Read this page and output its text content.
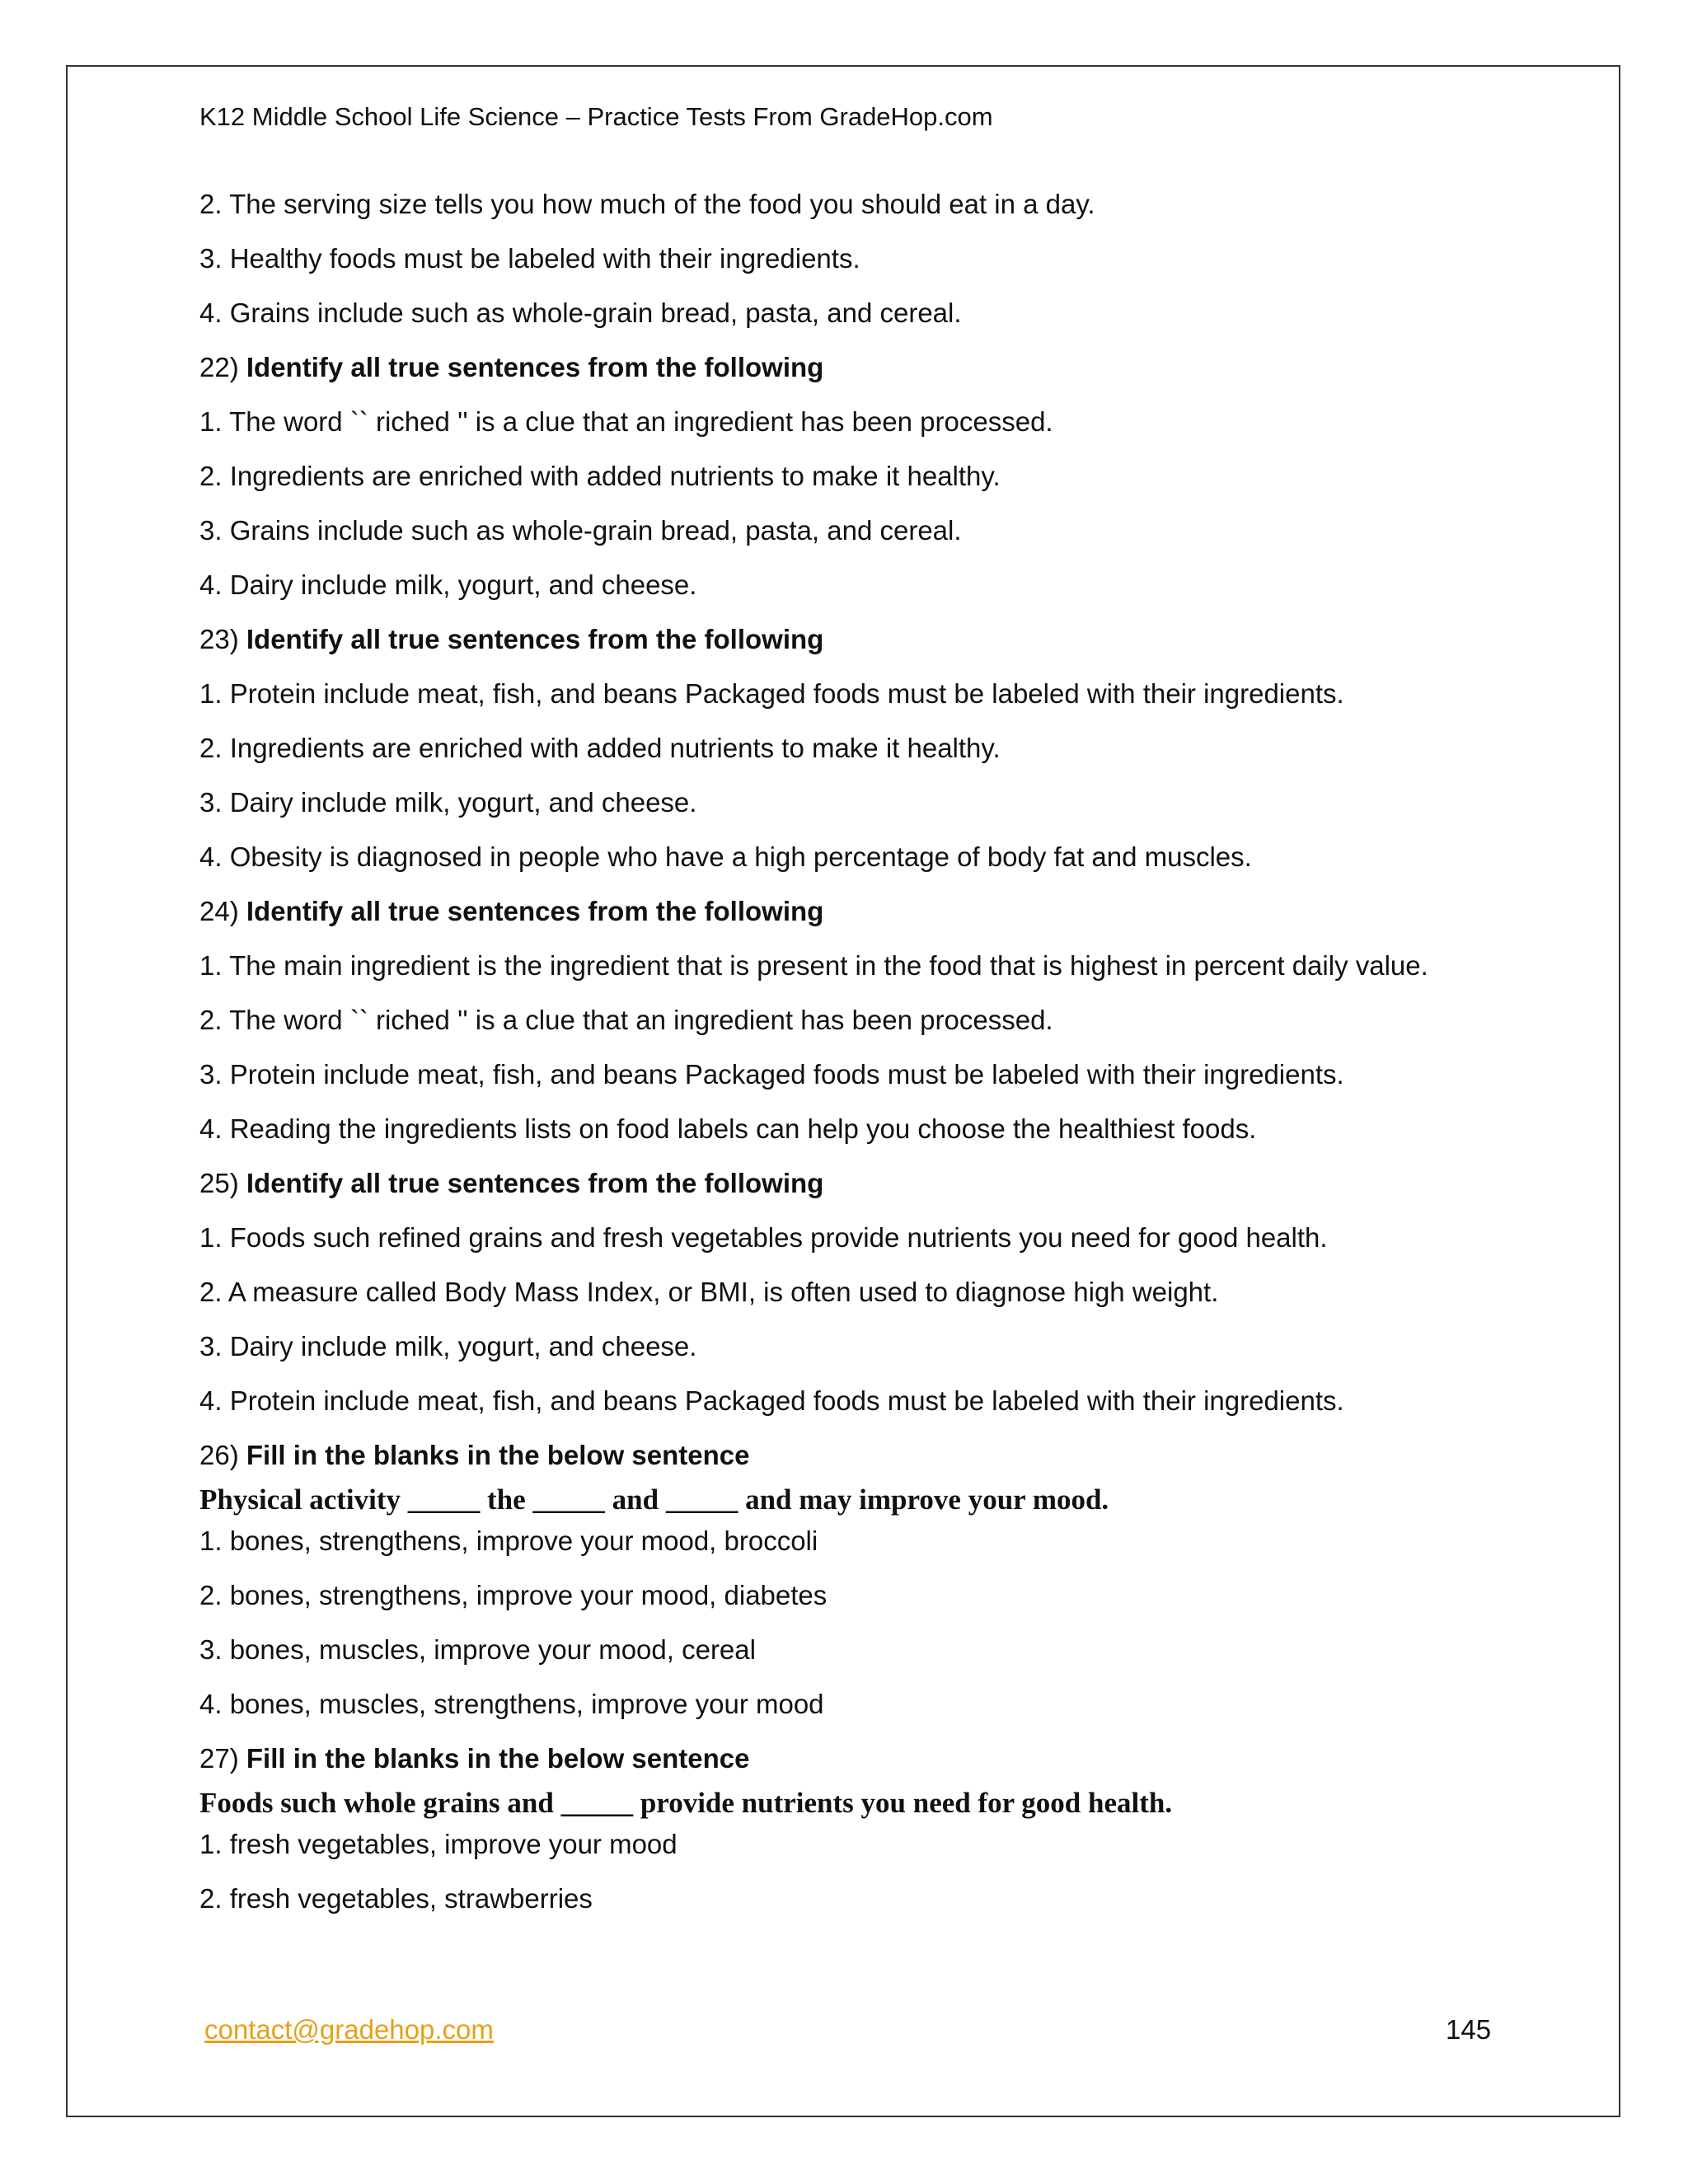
K12 Middle School Life Science – Practice Tests From GradeHop.com
2. The serving size tells you how much of the food you should eat in a day.
3. Healthy foods must be labeled with their ingredients.
4. Grains include such as whole-grain bread, pasta, and cereal.
22) Identify all true sentences from the following
1. The word `` riched '' is a clue that an ingredient has been processed.
2. Ingredients are enriched with added nutrients to make it healthy.
3. Grains include such as whole-grain bread, pasta, and cereal.
4. Dairy include milk, yogurt, and cheese.
23) Identify all true sentences from the following
1. Protein include meat, fish, and beans Packaged foods must be labeled with their ingredients.
2. Ingredients are enriched with added nutrients to make it healthy.
3. Dairy include milk, yogurt, and cheese.
4. Obesity is diagnosed in people who have a high percentage of body fat and muscles.
24) Identify all true sentences from the following
1. The main ingredient is the ingredient that is present in the food that is highest in percent daily value.
2. The word `` riched '' is a clue that an ingredient has been processed.
3. Protein include meat, fish, and beans Packaged foods must be labeled with their ingredients.
4. Reading the ingredients lists on food labels can help you choose the healthiest foods.
25) Identify all true sentences from the following
1. Foods such refined grains and fresh vegetables provide nutrients you need for good health.
2. A measure called Body Mass Index, or BMI, is often used to diagnose high weight.
3. Dairy include milk, yogurt, and cheese.
4. Protein include meat, fish, and beans Packaged foods must be labeled with their ingredients.
26) Fill in the blanks in the below sentence
Physical activity _____ the _____ and _____ and may improve your mood.
1. bones, strengthens, improve your mood, broccoli
2. bones, strengthens, improve your mood, diabetes
3. bones, muscles, improve your mood, cereal
4. bones, muscles, strengthens, improve your mood
27) Fill in the blanks in the below sentence
Foods such whole grains and _____ provide nutrients you need for good health.
1. fresh vegetables, improve your mood
2. fresh vegetables, strawberries
contact@gradehop.com	145
